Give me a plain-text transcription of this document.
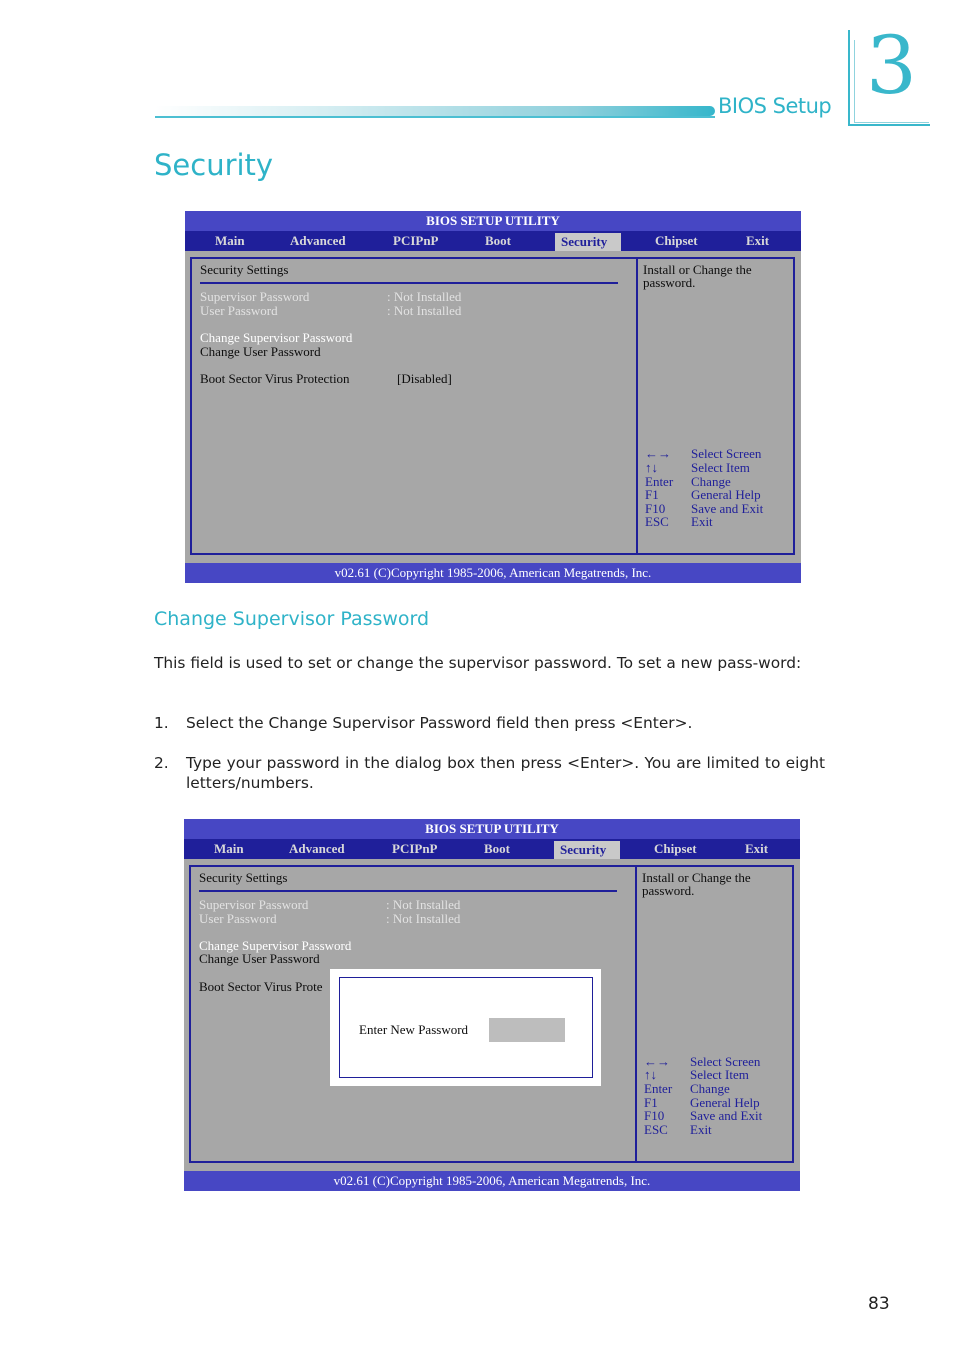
BIOS Setup 3
Security
BIOS SETUP UTILITY
Main	Advanced	PCIPnP	Boot	Security	Chipset	Exit
Security Settings
Supervisor Password	: Not Installed
User Password	: Not Installed
Change Supervisor Password
Change User Password
Boot Sector Virus Protection	[Disabled]
Install or Change the password.
←→ Select Screen
↑↓	Select Item
Enter Change
F1 General Help
F10 Save and Exit
ESC Exit
v02.61 (C)Copyright 1985-2006, American Megatrends, Inc.
Change Supervisor Password

This field is used to set or change the supervisor password. To set a new pass-word:

1. Select the Change Supervisor Password field then press <Enter>.
2. Type your password in the dialog box then press <Enter>. You are limited to eight letters/numbers.
BIOS SETUP UTILITY
Main	Advanced	PCIPnP	Boot	Security	Chipset	Exit
Security Settings
Supervisor Password	: Not Installed
User Password	: Not Installed
Change Supervisor Password
Change User Password
Boot Sector Virus Prote
Install or Change the password.
←→ Select Screen
↑↓	Select Item
Enter Change
F1 General Help
F10 Save and Exit
ESC Exit
Enter New Password
v02.61 (C)Copyright 1985-2006, American Megatrends, Inc.
83
